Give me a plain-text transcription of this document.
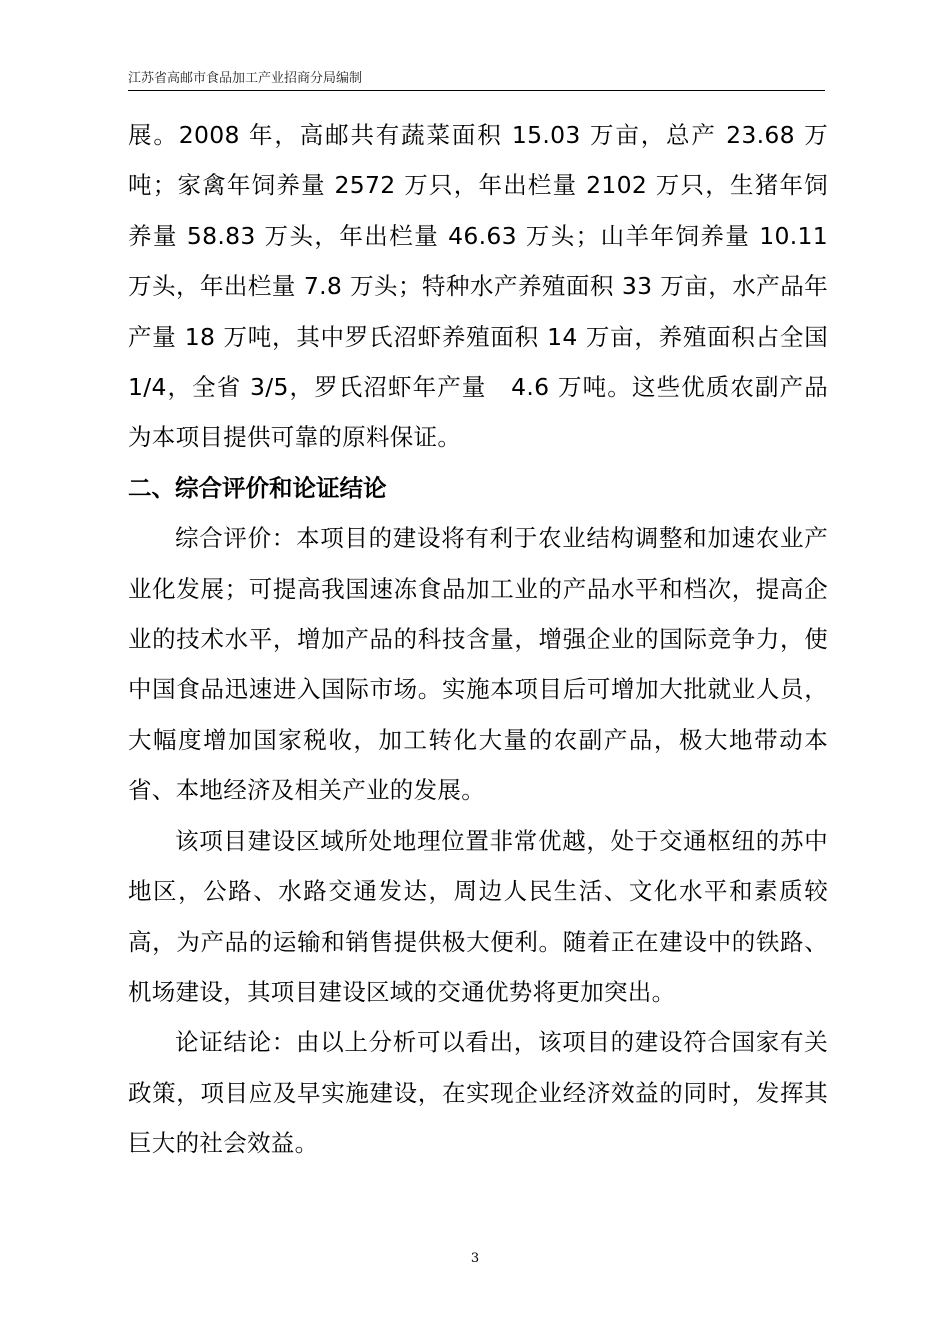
江苏省高邮市食品加工产业招商分局编制

展。2008 年，高邮共有蔬菜面积 15.03 万亩，总产 23.68 万吨；家禽年饲养量 2572 万只，年出栏量 2102 万只，生猪年饲养量 58.83 万头，年出栏量 46.63 万头；山羊年饲养量 10.11 万头，年出栏量 7.8 万头；特种水产养殖面积 33 万亩，水产品年产量 18 万吨，其中罗氏沼虾养殖面积 14 万亩，养殖面积占全国 1/4，全省 3/5，罗氏沼虾年产量　4.6 万吨。这些优质农副产品为本项目提供可靠的原料保证。

二、综合评价和论证结论

综合评价：本项目的建设将有利于农业结构调整和加速农业产业化发展；可提高我国速冻食品加工业的产品水平和档次，提高企业的技术水平，增加产品的科技含量，增强企业的国际竞争力，使中国食品迅速进入国际市场。实施本项目后可增加大批就业人员，大幅度增加国家税收，加工转化大量的农副产品，极大地带动本省、本地经济及相关产业的发展。

该项目建设区域所处地理位置非常优越，处于交通枢纽的苏中地区，公路、水路交通发达，周边人民生活、文化水平和素质较高，为产品的运输和销售提供极大便利。随着正在建设中的铁路、机场建设，其项目建设区域的交通优势将更加突出。

论证结论：由以上分析可以看出，该项目的建设符合国家有关政策，项目应及早实施建设，在实现企业经济效益的同时，发挥其巨大的社会效益。

3
